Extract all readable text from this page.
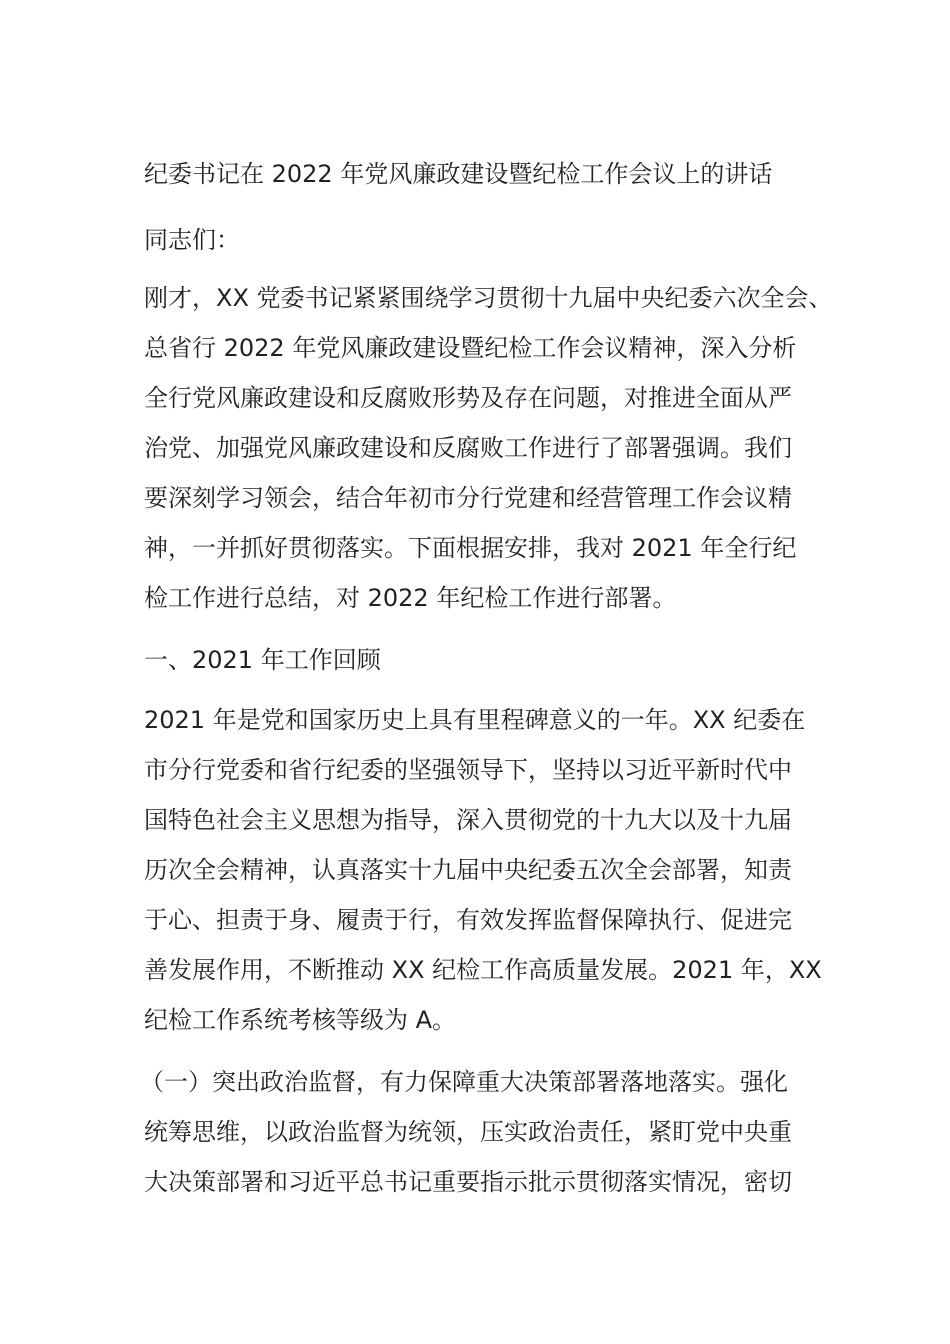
纪委书记在 2022 年党风廉政建设暨纪检工作会议上的讲话
同志们：
刚才，XX 党委书记紧紧围绕学习贯彻十九届中央纪委六次全会、
总省行 2022 年党风廉政建设暨纪检工作会议精神，深入分析
全行党风廉政建设和反腐败形势及存在问题，对推进全面从严
治党、加强党风廉政建设和反腐败工作进行了部署强调。我们
要深刻学习领会，结合年初市分行党建和经营管理工作会议精
神，一并抓好贯彻落实。下面根据安排，我对 2021 年全行纪
检工作进行总结，对 2022 年纪检工作进行部署。
一、2021 年工作回顾
2021 年是党和国家历史上具有里程碑意义的一年。XX 纪委在
市分行党委和省行纪委的坚强领导下，坚持以习近平新时代中
国特色社会主义思想为指导，深入贯彻党的十九大以及十九届
历次全会精神，认真落实十九届中央纪委五次全会部署，知责
于心、担责于身、履责于行，有效发挥监督保障执行、促进完
善发展作用，不断推动 XX 纪检工作高质量发展。2021 年，XX
纪检工作系统考核等级为 A。
（一）突出政治监督，有力保障重大决策部署落地落实。强化
统筹思维，以政治监督为统领，压实政治责任，紧盯党中央重
大决策部署和习近平总书记重要指示批示贯彻落实情况，密切
